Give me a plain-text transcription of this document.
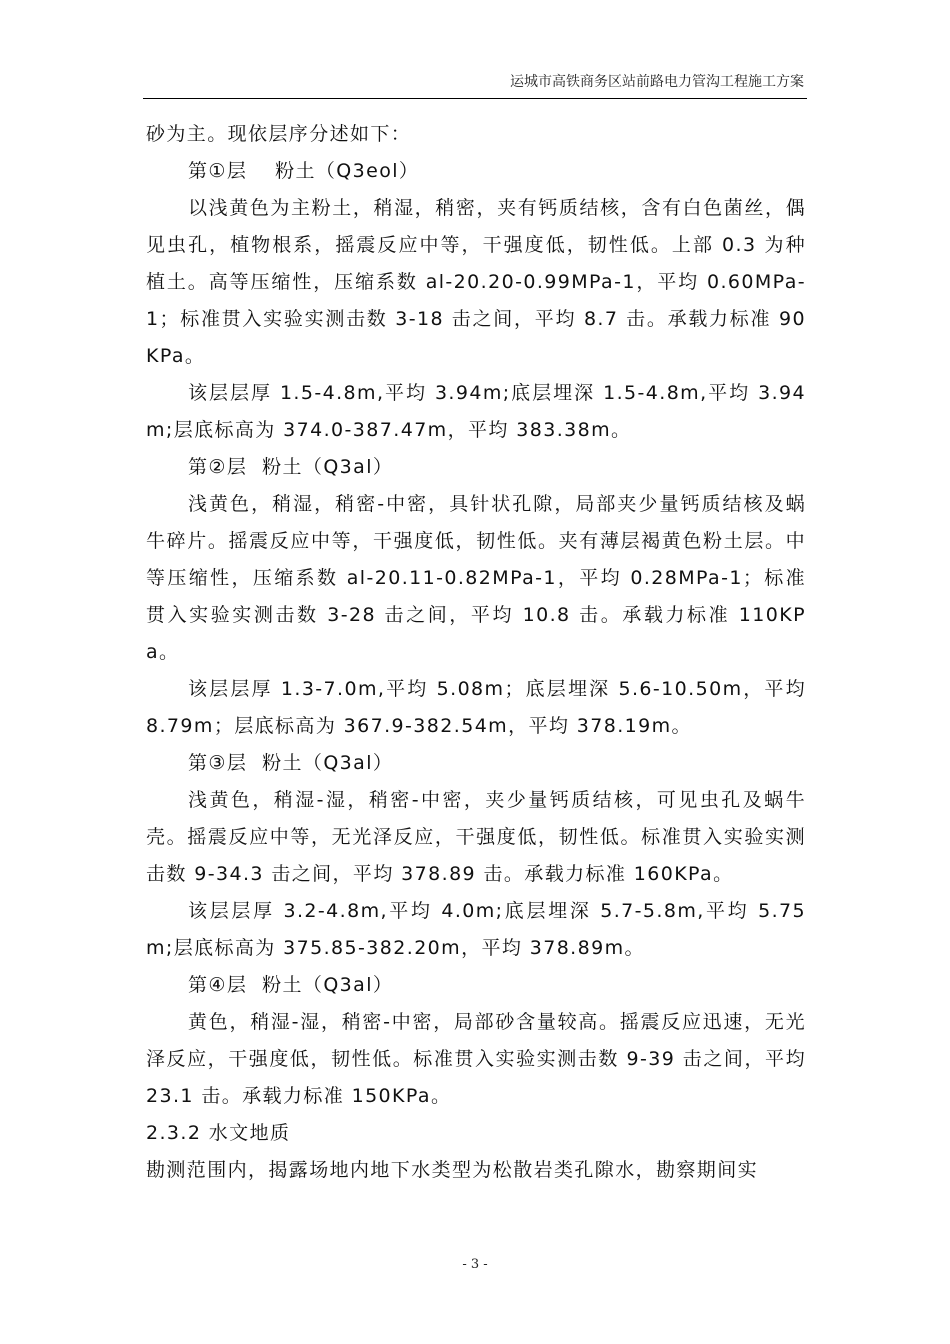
运城市高铁商务区站前路电力管沟工程施工方案

砂为主。现依层序分述如下：

第①层　 粉土（Q3eol）

以浅黄色为主粉土，稍湿，稍密，夹有钙质结核，含有白色菌丝，偶见虫孔，植物根系，摇震反应中等，干强度低，韧性低。上部 0.3 为种植土。高等压缩性，压缩系数 al-20.20-0.99MPa-1，平均 0.60MPa-1；标准贯入实验实测击数 3-18 击之间，平均 8.7 击。承载力标准 90KPa。

该层层厚 1.5-4.8m,平均 3.94m;底层埋深 1.5-4.8m,平均 3.94m;层底标高为 374.0-387.47m，平均 383.38m。

第②层  粉土（Q3al）

浅黄色，稍湿，稍密-中密，具针状孔隙，局部夹少量钙质结核及蜗牛碎片。摇震反应中等，干强度低，韧性低。夹有薄层褐黄色粉土层。中等压缩性，压缩系数 al-20.11-0.82MPa-1，平均 0.28MPa-1；标准贯入实验实测击数 3-28 击之间，平均 10.8 击。承载力标准 110KPa。

该层层厚 1.3-7.0m,平均 5.08m；底层埋深 5.6-10.50m，平均 8.79m；层底标高为 367.9-382.54m，平均 378.19m。

第③层  粉土（Q3al）

浅黄色，稍湿-湿，稍密-中密，夹少量钙质结核，可见虫孔及蜗牛壳。摇震反应中等，无光泽反应，干强度低，韧性低。标准贯入实验实测击数 9-34.3 击之间，平均 378.89 击。承载力标准 160KPa。

该层层厚 3.2-4.8m,平均 4.0m;底层埋深 5.7-5.8m,平均 5.75m;层底标高为 375.85-382.20m，平均 378.89m。

第④层  粉土（Q3al）

黄色，稍湿-湿，稍密-中密，局部砂含量较高。摇震反应迅速，无光泽反应，干强度低，韧性低。标准贯入实验实测击数 9-39 击之间，平均 23.1 击。承载力标准 150KPa。

2.3.2 水文地质

勘测范围内，揭露场地内地下水类型为松散岩类孔隙水，勘察期间实

- 3 -
